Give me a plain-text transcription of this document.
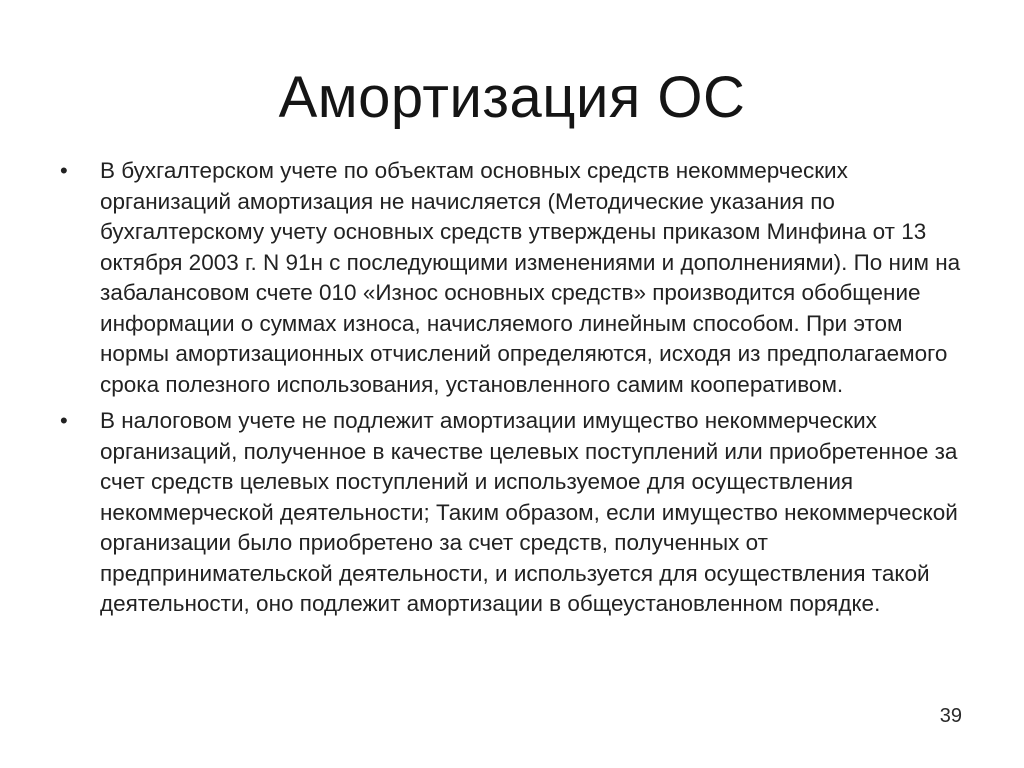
Амортизация ОС
•	В бухгалтерском учете по объектам основных средств некоммерческих организаций амортизация не начисляется (Методические указания по бухгалтерскому учету основных средств утверждены приказом Минфина от 13 октября 2003 г. N 91н с последующими изменениями и дополнениями). По ним на забалансовом счете 010 «Износ основных средств» производится обобщение информации о суммах износа, начисляемого линейным способом. При этом нормы амортизационных отчислений определяются, исходя из предполагаемого срока полезного использования, установленного самим кооперативом.
•	В налоговом учете не подлежит амортизации имущество некоммерческих организаций, полученное в качестве целевых поступлений или приобретенное за счет средств целевых поступлений и используемое для осуществления некоммерческой деятельности; Таким образом, если имущество некоммерческой организации было приобретено за счет средств, полученных от предпринимательской деятельности, и используется для осуществления такой деятельности, оно подлежит амортизации в общеустановленном порядке.
39
